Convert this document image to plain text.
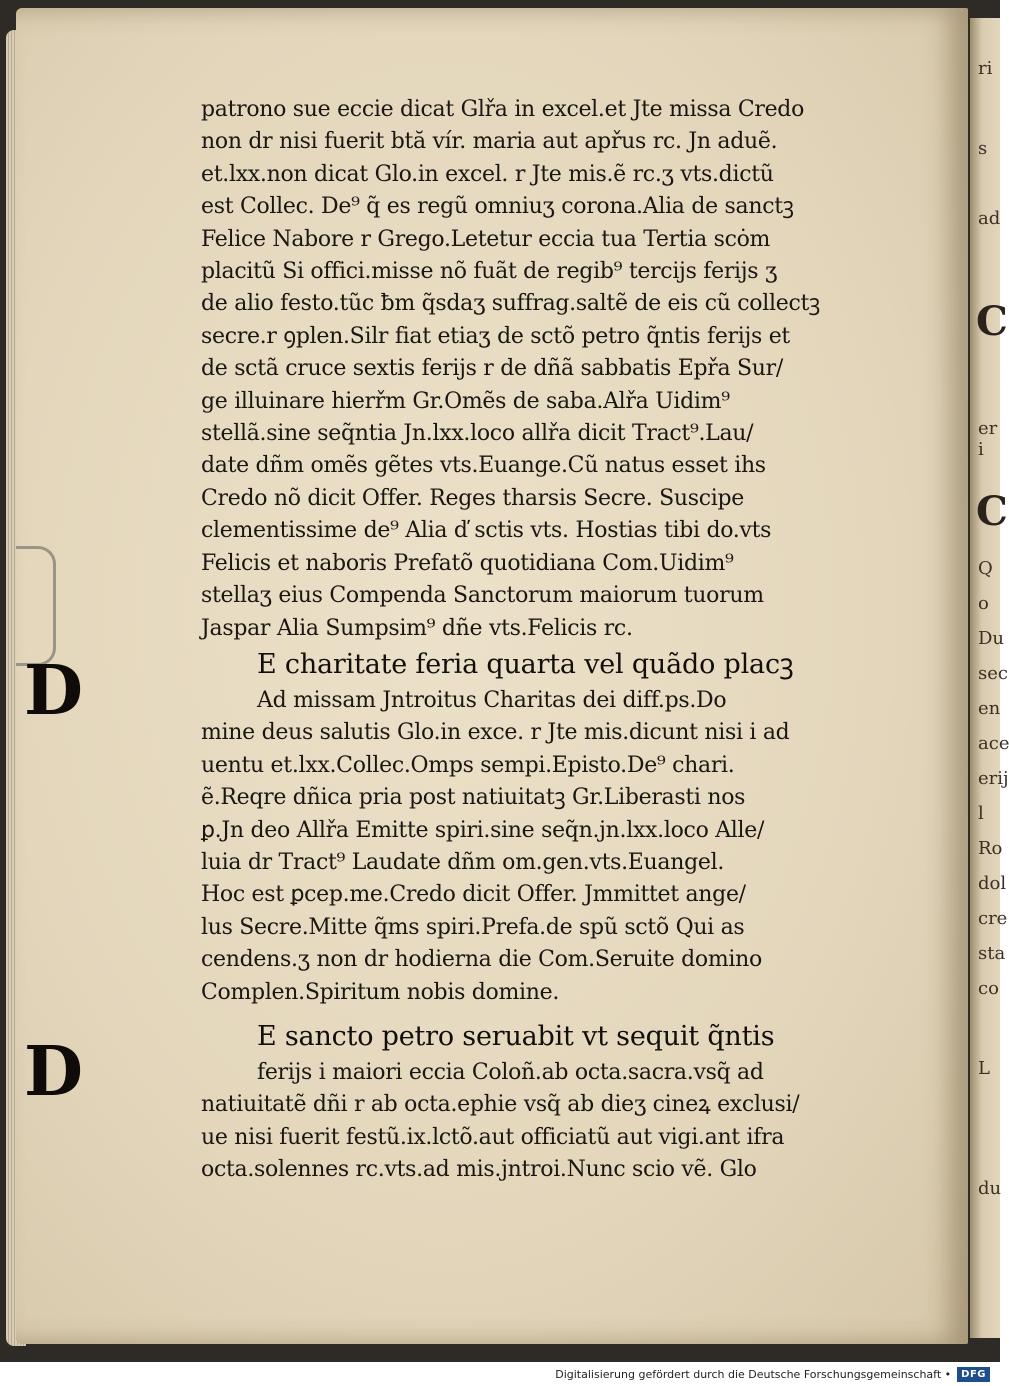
D
D
patrono sue eccie dicat Glřa in excel.et Jte missa Credo
non dr nisi fuerit btă vír. maria aut apřus rc. Jn aduẽ.
et.lxx.non dicat Glo.in excel. r Jte mis.ẽ rc.ʒ vts.dictũ
est Collec. De⁹ q̃ es regũ omniuʒ corona.Alia de sanctꝫ
Felice Nabore r Grego.Letetur eccia tua Tertia scȯm
placitũ Si offici.misse nõ fuãt de regib⁹ tercijs ferijs ʒ
de alio festo.tũc ƀm q̃sdaʒ suffrag.saltẽ de eis cũ collectꝫ
secre.r ꝯplen.Silr fiat etiaʒ de sctõ petro q̃ntis ferijs et
de sctã cruce sextis ferijs r de dñã sabbatis Epřa Sur/
ge illuinare hierřm Gr.Omẽs de saba.Alřa Uidim⁹
stellã.sine seq̃ntia Jn.lxx.loco allřa dicit Tract⁹.Lau/
date dñm omẽs gẽtes vts.Euange.Cũ natus esset ihs
Credo nõ dicit Offer. Reges tharsis Secre. Suscipe
clementissime de⁹ Alia ď sctis vts. Hostias tibi do.vts
Felicis et naboris Prefatõ quotidiana Com.Uidim⁹
stellaʒ eius Compenda Sanctorum maiorum tuorum
Jaspar Alia Sumpsim⁹ dñe vts.Felicis rc.
E charitate feria quarta vel quãdo placꝫ
Ad missam Jntroitus Charitas dei diff.ps.Do
mine deus salutis Glo.in exce. r Jte mis.dicunt nisi i ad
uentu et.lxx.Collec.Omps sempi.Episto.De⁹ chari.
ẽ.Reqre dñica pria post natiuitatꝫ Gr.Liberasti nos
ꝑ.Jn deo Allřa Emitte spiri.sine seq̃n.jn.lxx.loco Alle/
luia dr Tract⁹ Laudate dñm om.gen.vts.Euangel.
Hoc est ꝑcep.me.Credo dicit Offer. Jmmittet ange/
lus Secre.Mitte q̃ms spiri.Prefa.de spũ sctõ Qui as
cendens.ʒ non dr hodierna die Com.Seruite domino
Complen.Spiritum nobis domine.
E sancto petro seruabit vt sequit q̃ntis
ferijs i maiori eccia Coloñ.ab octa.sacra.vsq̃ ad
natiuitatẽ dñi r ab octa.ephie vsq̃ ab dieʒ cineꝝ exclusi/
ue nisi fuerit festũ.ix.lctõ.aut officiatũ aut vigi.ant ifra
octa.solennes rc.vts.ad mis.jntroi.Nunc scio vẽ. Glo
ri
s
ad
C
er i
C
Q
o
Du
sec
en
ace
erij
l
Ro
dol
cre
sta
co
L
du
Digitalisierung gefördert durch die Deutsche Forschungsgemeinschaft •	DFG
